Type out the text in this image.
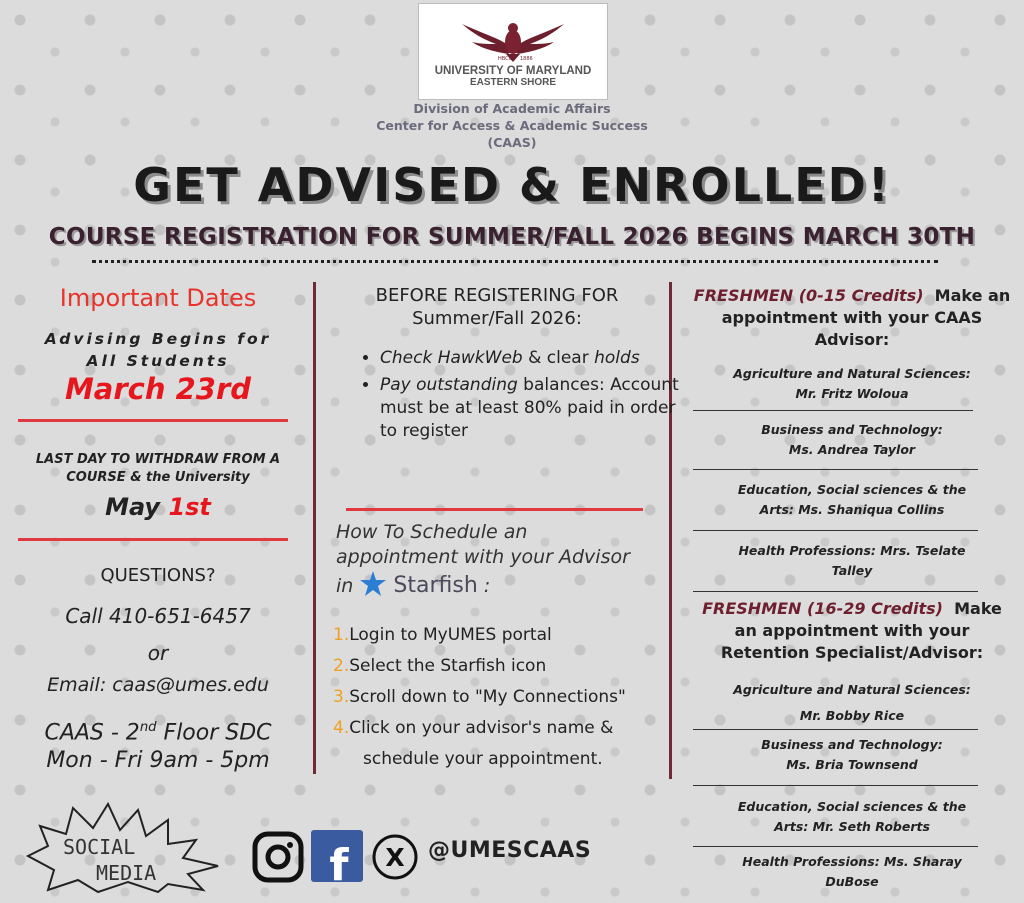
HBCU 1886
UNIVERSITY OF MARYLAND
EASTERN SHORE
Division of Academic Affairs
Center for Access & Academic Success
(CAAS)
GET ADVISED & ENROLLED!
COURSE REGISTRATION FOR SUMMER/FALL 2026 BEGINS MARCH 30TH
Important Dates
Advising Begins for
All Students
March 23rd
LAST DAY TO WITHDRAW FROM A
COURSE & the University
May 1st
QUESTIONS?
Call 410-651-6457
or
Email: caas@umes.edu
CAAS - 2nd Floor SDC
Mon - Fri 9am - 5pm
BEFORE REGISTERING FOR
Summer/Fall 2026:
• Check HawkWeb & clear holds
• Pay outstanding balances: Account must be at least 80% paid in order to register
How To Schedule an
appointment with your Advisor
in Starfish :
1.Login to MyUMES portal
2.Select the Starfish icon
3.Scroll down to "My Connections"
4.Click on your advisor's name &
schedule your appointment.
FRESHMEN (0-15 Credits) Make an
appointment with your CAAS
Advisor:
Agriculture and Natural Sciences:
Mr. Fritz Woloua
Business and Technology:
Ms. Andrea Taylor
Education, Social sciences & the
Arts: Ms. Shaniqua Collins
Health Professions: Mrs. Tselate
Talley
FRESHMEN (16-29 Credits) Make
an appointment with your
Retention Specialist/Advisor:
Agriculture and Natural Sciences:
Mr. Bobby Rice
Business and Technology:
Ms. Bria Townsend
Education, Social sciences & the
Arts: Mr. Seth Roberts
Health Professions: Ms. Sharay
DuBose
SOCIAL
MEDIA	f X @UMESCAAS
